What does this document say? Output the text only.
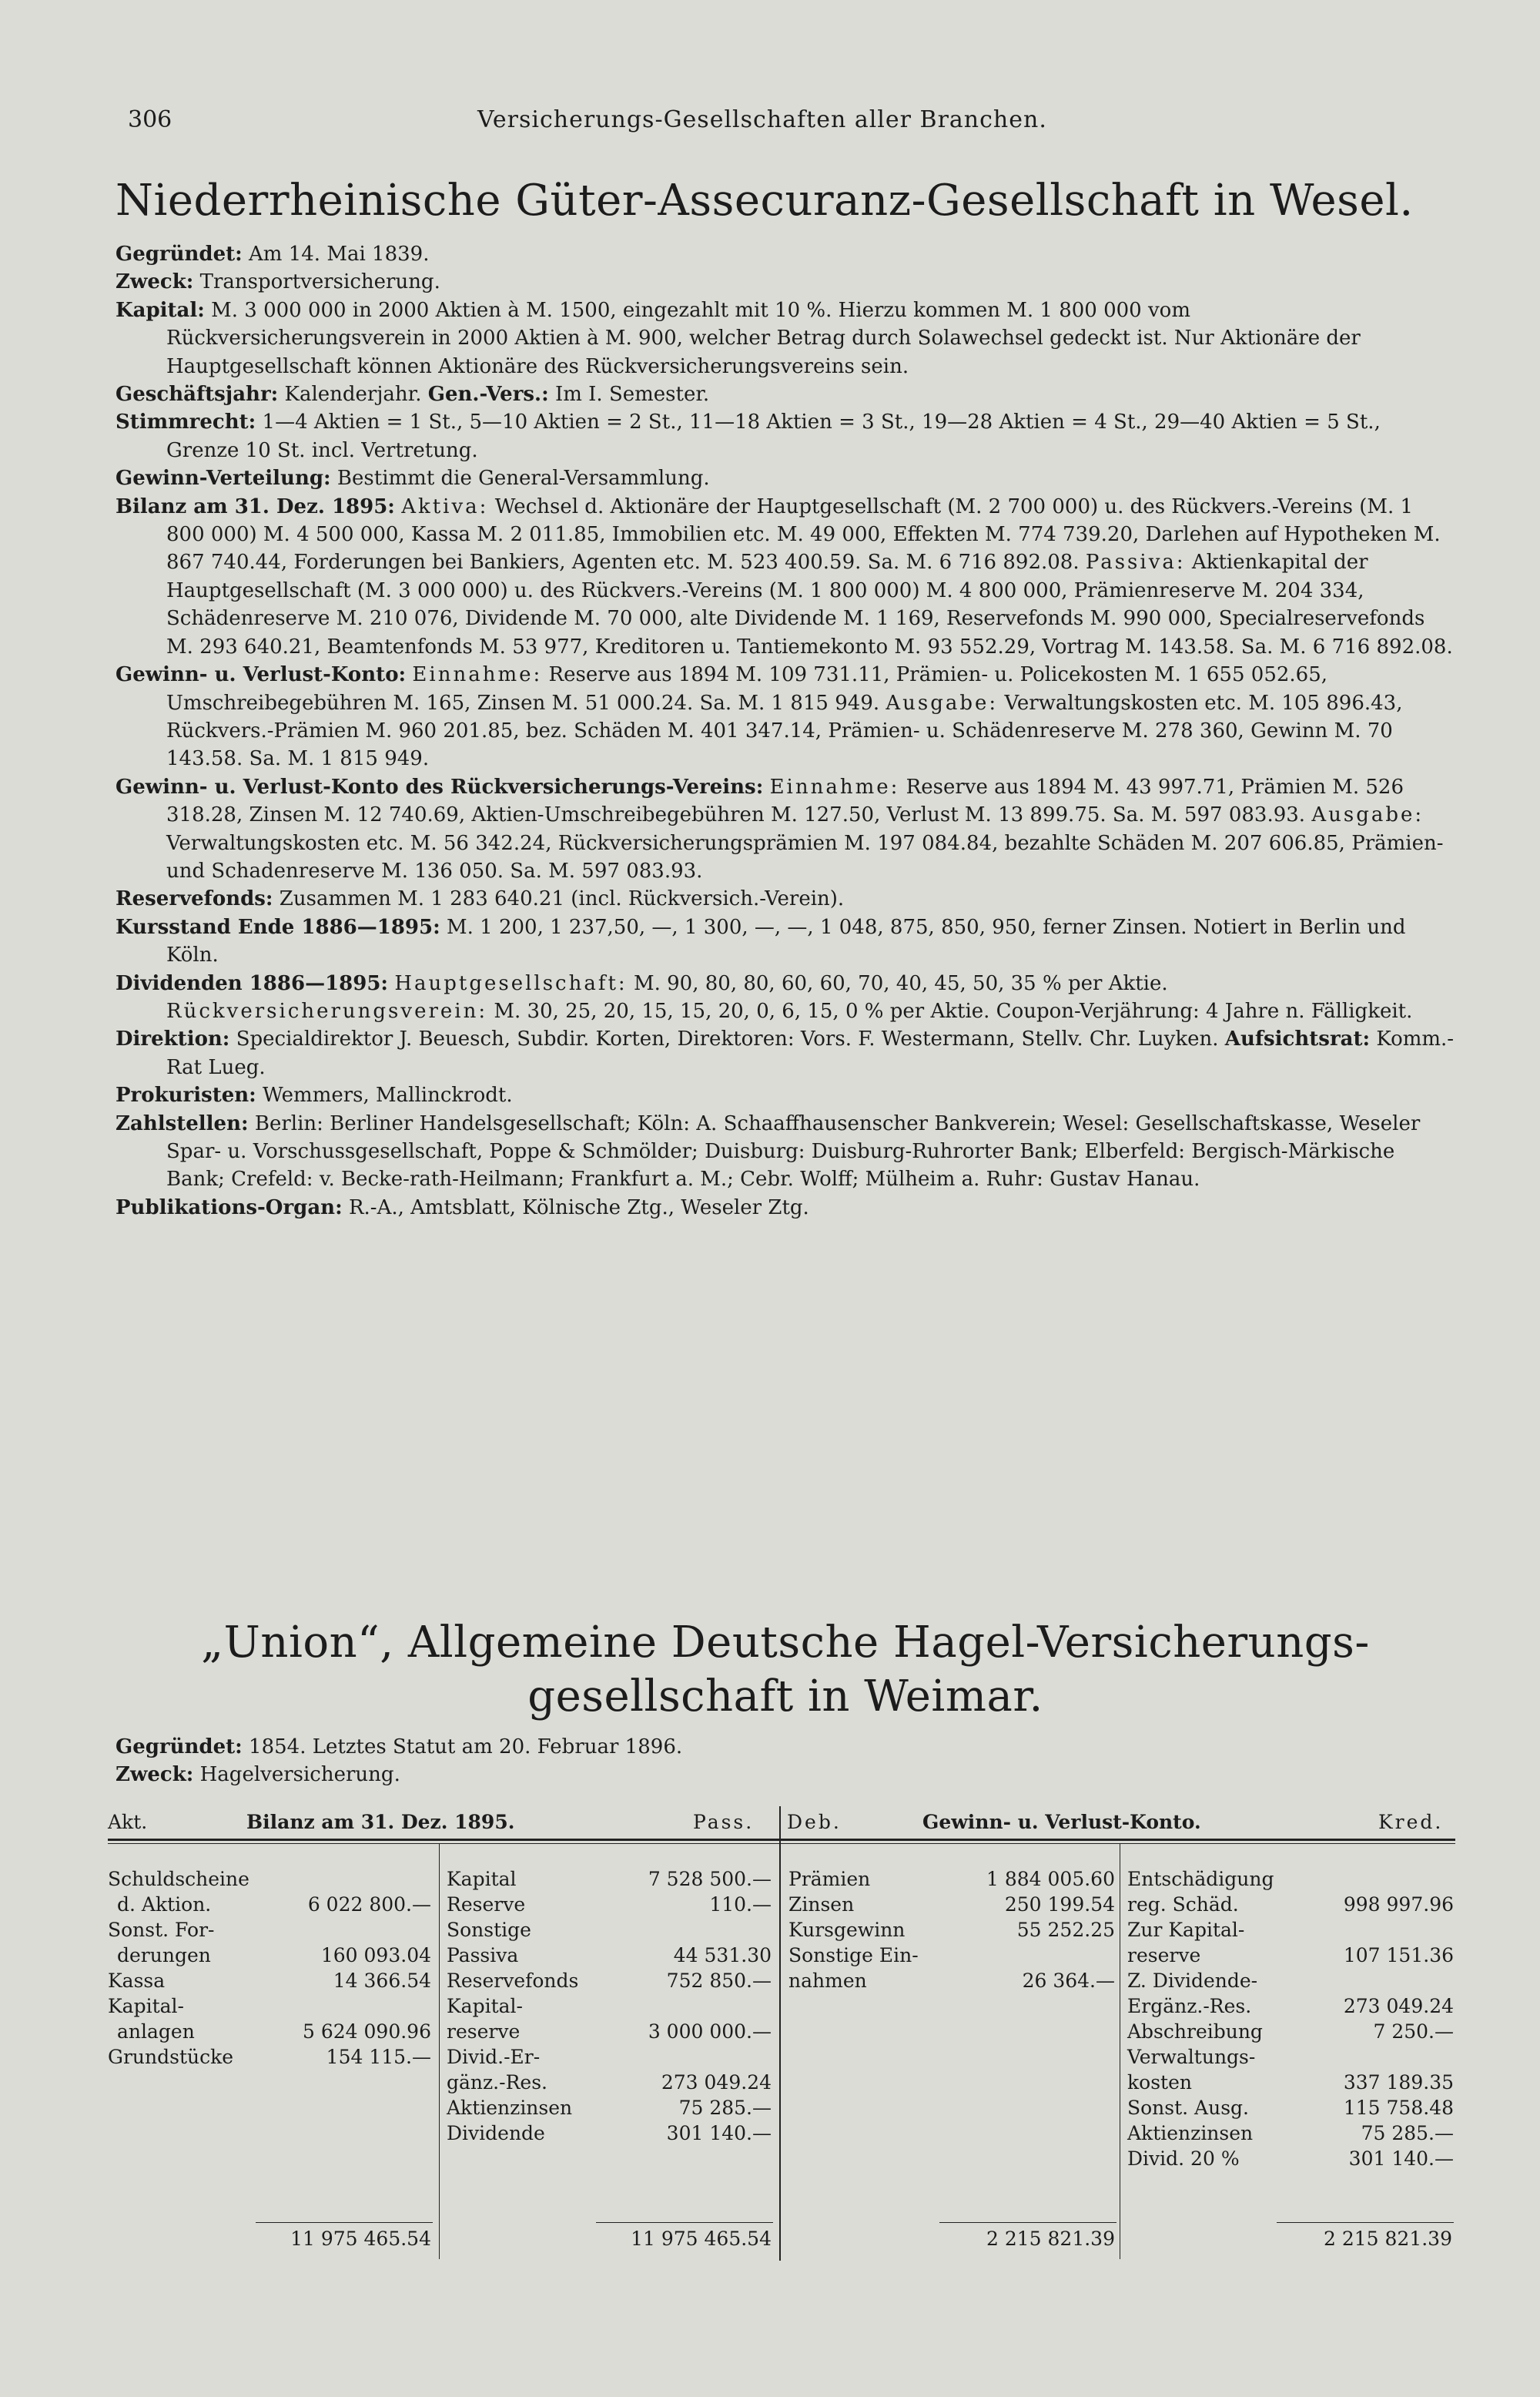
306	Versicherungs-Gesellschaften aller Branchen.
Niederrheinische Güter-Assecuranz-Gesellschaft in Wesel.

Gegründet: Am 14. Mai 1839.

Zweck: Transportversicherung.

Kapital: M. 3 000 000 in 2000 Aktien à M. 1500, eingezahlt mit 10 %. Hierzu kommen M. 1 800 000 vom Rückversicherungsverein in 2000 Aktien à M. 900, welcher Betrag durch Solawechsel gedeckt ist. Nur Aktionäre der Hauptgesellschaft können Aktionäre des Rückversicherungsvereins sein.

Geschäftsjahr: Kalenderjahr. Gen.-Vers.: Im I. Semester.

Stimmrecht: 1—4 Aktien = 1 St., 5—10 Aktien = 2 St., 11—18 Aktien = 3 St., 19—28 Aktien = 4 St., 29—40 Aktien = 5 St., Grenze 10 St. incl. Vertretung.

Gewinn-Verteilung: Bestimmt die General-Versammlung.

Bilanz am 31. Dez. 1895: Aktiva: Wechsel d. Aktionäre der Hauptgesellschaft (M. 2 700 000) u. des Rückvers.-Vereins (M. 1 800 000) M. 4 500 000, Kassa M. 2 011.85, Immobilien etc. M. 49 000, Effekten M. 774 739.20, Darlehen auf Hypotheken M. 867 740.44, Forderungen bei Bankiers, Agenten etc. M. 523 400.59. Sa. M. 6 716 892.08. Passiva: Aktienkapital der Hauptgesellschaft (M. 3 000 000) u. des Rückvers.-Vereins (M. 1 800 000) M. 4 800 000, Prämienreserve M. 204 334, Schädenreserve M. 210 076, Dividende M. 70 000, alte Dividende M. 1 169, Reservefonds M. 990 000, Specialreservefonds M. 293 640.21, Beamtenfonds M. 53 977, Kreditoren u. Tantiemekonto M. 93 552.29, Vortrag M. 143.58. Sa. M. 6 716 892.08.

Gewinn- u. Verlust-Konto: Einnahme: Reserve aus 1894 M. 109 731.11, Prämien- u. Policekosten M. 1 655 052.65, Umschreibegebühren M. 165, Zinsen M. 51 000.24. Sa. M. 1 815 949. Ausgabe: Verwaltungskosten etc. M. 105 896.43, Rückvers.-Prämien M. 960 201.85, bez. Schäden M. 401 347.14, Prämien- u. Schädenreserve M. 278 360, Gewinn M. 70 143.58. Sa. M. 1 815 949.

Gewinn- u. Verlust-Konto des Rückversicherungs-Vereins: Einnahme: Reserve aus 1894 M. 43 997.71, Prämien M. 526 318.28, Zinsen M. 12 740.69, Aktien-Umschreibegebühren M. 127.50, Verlust M. 13 899.75. Sa. M. 597 083.93. Ausgabe: Verwaltungskosten etc. M. 56 342.24, Rückversicherungsprämien M. 197 084.84, bezahlte Schäden M. 207 606.85, Prämien- und Schadenreserve M. 136 050. Sa. M. 597 083.93.

Reservefonds: Zusammen M. 1 283 640.21 (incl. Rückversich.-Verein).

Kursstand Ende 1886—1895: M. 1 200, 1 237,50, —, 1 300, —, —, 1 048, 875, 850, 950, ferner Zinsen. Notiert in Berlin und Köln.

Dividenden 1886—1895: Hauptgesellschaft: M. 90, 80, 80, 60, 60, 70, 40, 45, 50, 35 % per Aktie. Rückversicherungsverein: M. 30, 25, 20, 15, 15, 20, 0, 6, 15, 0 % per Aktie. Coupon-Verjährung: 4 Jahre n. Fälligkeit.

Direktion: Specialdirektor J. Beuesch, Subdir. Korten, Direktoren: Vors. F. Westermann, Stellv. Chr. Luyken. Aufsichtsrat: Komm.-Rat Lueg.

Prokuristen: Wemmers, Mallinckrodt.

Zahlstellen: Berlin: Berliner Handelsgesellschaft; Köln: A. Schaaffhausenscher Bankverein; Wesel: Gesellschaftskasse, Weseler Spar- u. Vorschussgesellschaft, Poppe & Schmölder; Duisburg: Duisburg-Ruhrorter Bank; Elberfeld: Bergisch-Märkische Bank; Crefeld: v. Becke-rath-Heilmann; Frankfurt a. M.; Cebr. Wolff; Mülheim a. Ruhr: Gustav Hanau.

Publikations-Organ: R.-A., Amtsblatt, Kölnische Ztg., Weseler Ztg.

„Union“, Allgemeine Deutsche Hagel-Versicherungs-
gesellschaft in Weimar.

Gegründet: 1854. Letztes Statut am 20. Februar 1896.

Zweck: Hagelversicherung.

Akt.	Bilanz am 31. Dez. 1895.	Pass. Deb.	Gewinn- u. Verlust-Konto.	Kred.
Schuldscheine
d. Aktion.	6 022 800.—
Sonst. For-
derungen	160 093.04
Kassa	14 366.54
Kapital-
anlagen	5 624 090.96
Grundstücke	154 115.—
Kapital	7 528 500.—
Reserve	110.—
Sonstige
Passiva	44 531.30
Reservefonds	752 850.—
Kapital-
reserve	3 000 000.—
Divid.-Er-
gänz.-Res.	273 049.24
Aktienzinsen	75 285.—
Dividende	301 140.—
Prämien	1 884 005.60
Zinsen	250 199.54
Kursgewinn	55 252.25
Sonstige Ein-
nahmen	26 364.—
Entschädigung
reg. Schäd.	998 997.96
Zur Kapital-
reserve	107 151.36
Z. Dividende-
Ergänz.-Res.	273 049.24
Abschreibung	7 250.—
Verwaltungs-
kosten	337 189.35
Sonst. Ausg.	115 758.48
Aktienzinsen	75 285.—
Divid. 20 %	301 140.—
11 975 465.54	11 975 465.54	2 215 821.39	2 215 821.39
